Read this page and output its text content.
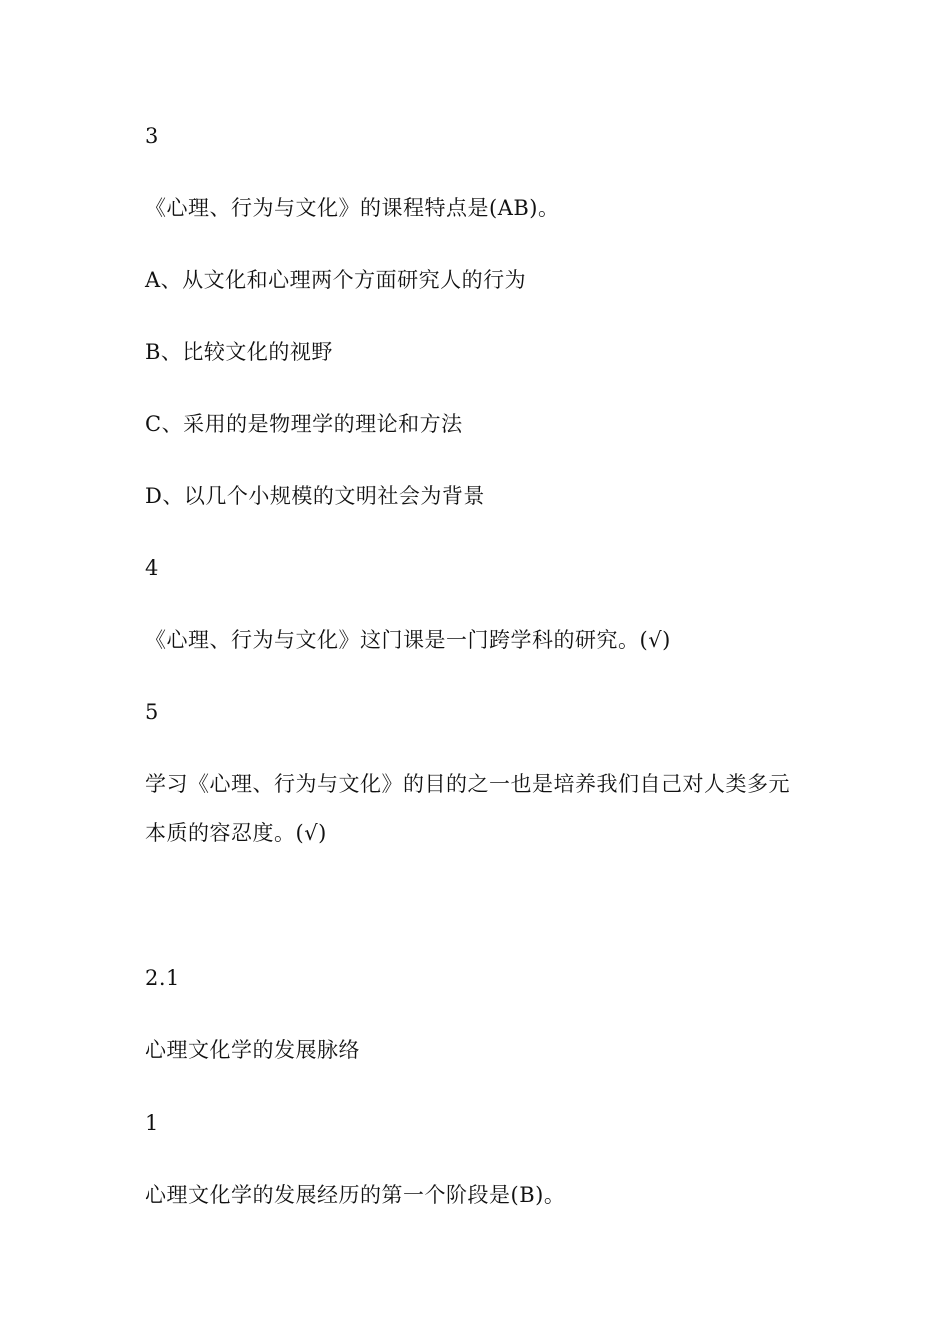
3
《心理、行为与文化》的课程特点是(AB)。
A、从文化和心理两个方面研究人的行为
B、比较文化的视野
C、采用的是物理学的理论和方法
D、以几个小规模的文明社会为背景
4
《心理、行为与文化》这门课是一门跨学科的研究。(√)
5
学习《心理、行为与文化》的目的之一也是培养我们自己对人类多元
本质的容忍度。(√)
2.1
心理文化学的发展脉络
1
心理文化学的发展经历的第一个阶段是(B)。
